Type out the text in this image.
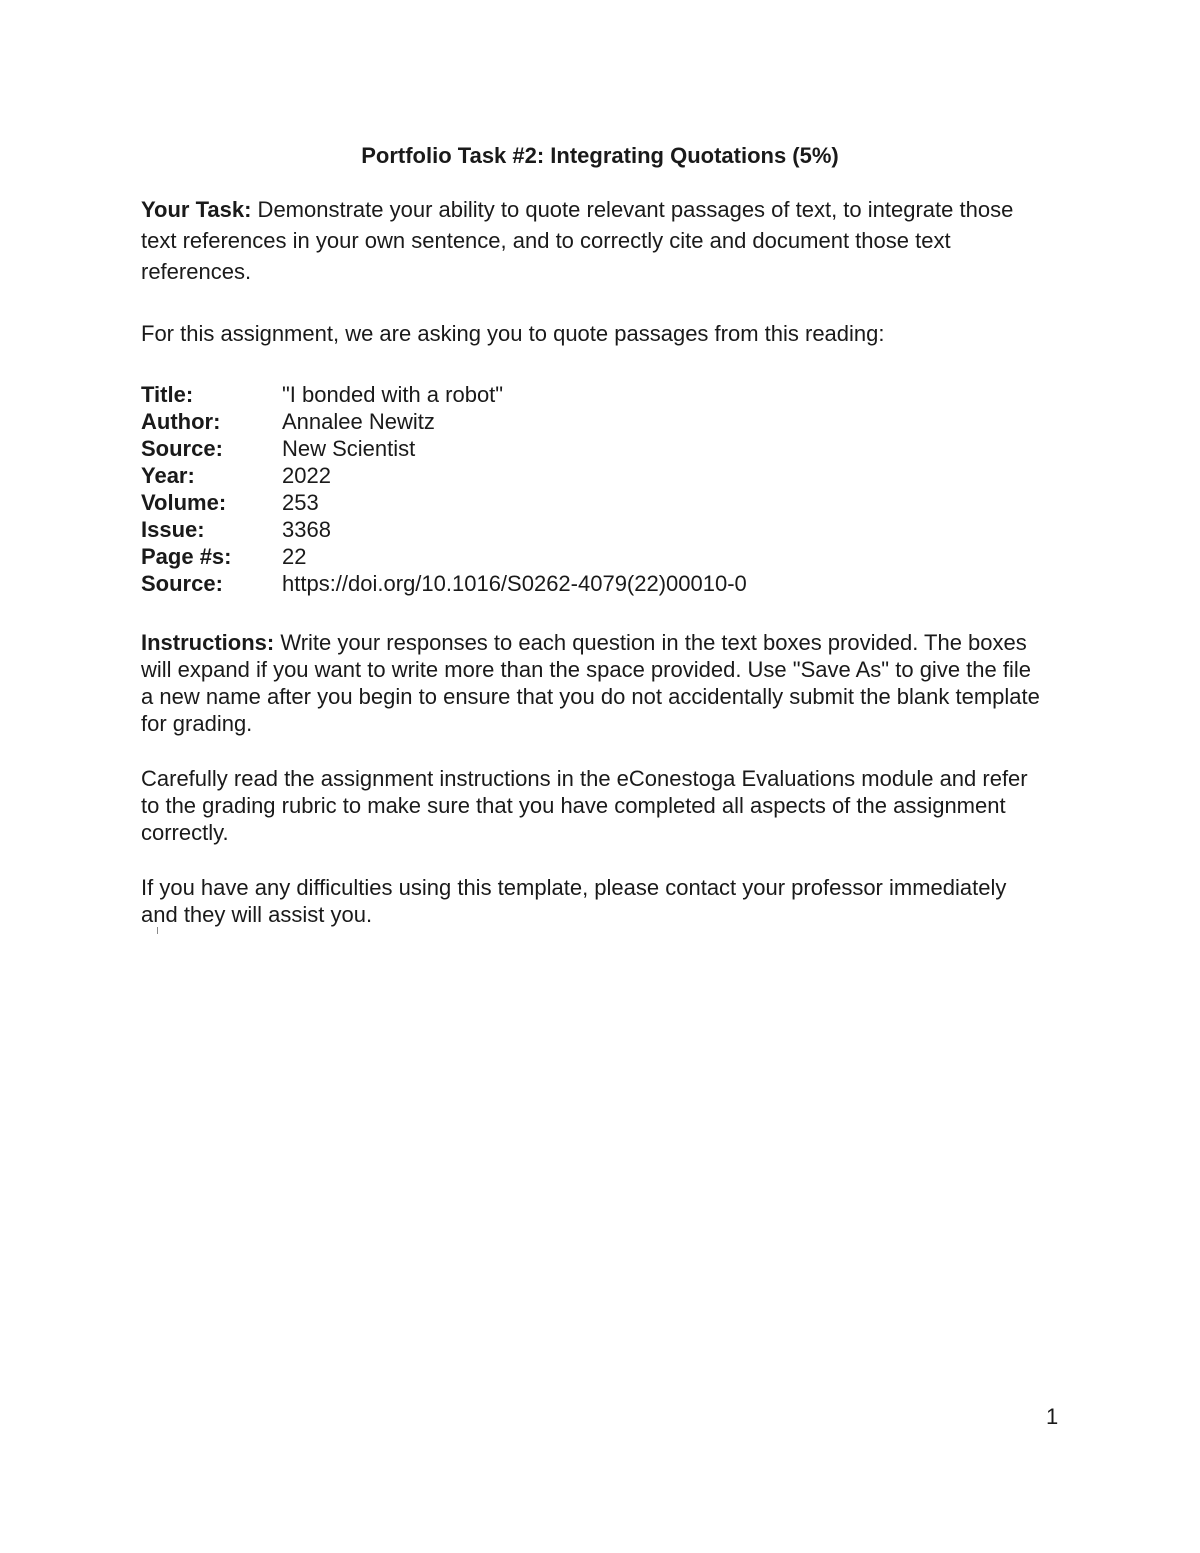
Portfolio Task #2: Integrating Quotations (5%)
Your Task: Demonstrate your ability to quote relevant passages of text, to integrate those text references in your own sentence, and to correctly cite and document those text references.
For this assignment, we are asking you to quote passages from this reading:
Title:	"I bonded with a robot"
Author:	Annalee Newitz
Source:	New Scientist
Year:	2022
Volume:	253
Issue:	3368
Page #s:	22
Source:	https://doi.org/10.1016/S0262-4079(22)00010-0
Instructions: Write your responses to each question in the text boxes provided. The boxes will expand if you want to write more than the space provided. Use "Save As" to give the file a new name after you begin to ensure that you do not accidentally submit the blank template for grading.
Carefully read the assignment instructions in the eConestoga Evaluations module and refer to the grading rubric to make sure that you have completed all aspects of the assignment correctly.
If you have any difficulties using this template, please contact your professor immediately and they will assist you.
1
